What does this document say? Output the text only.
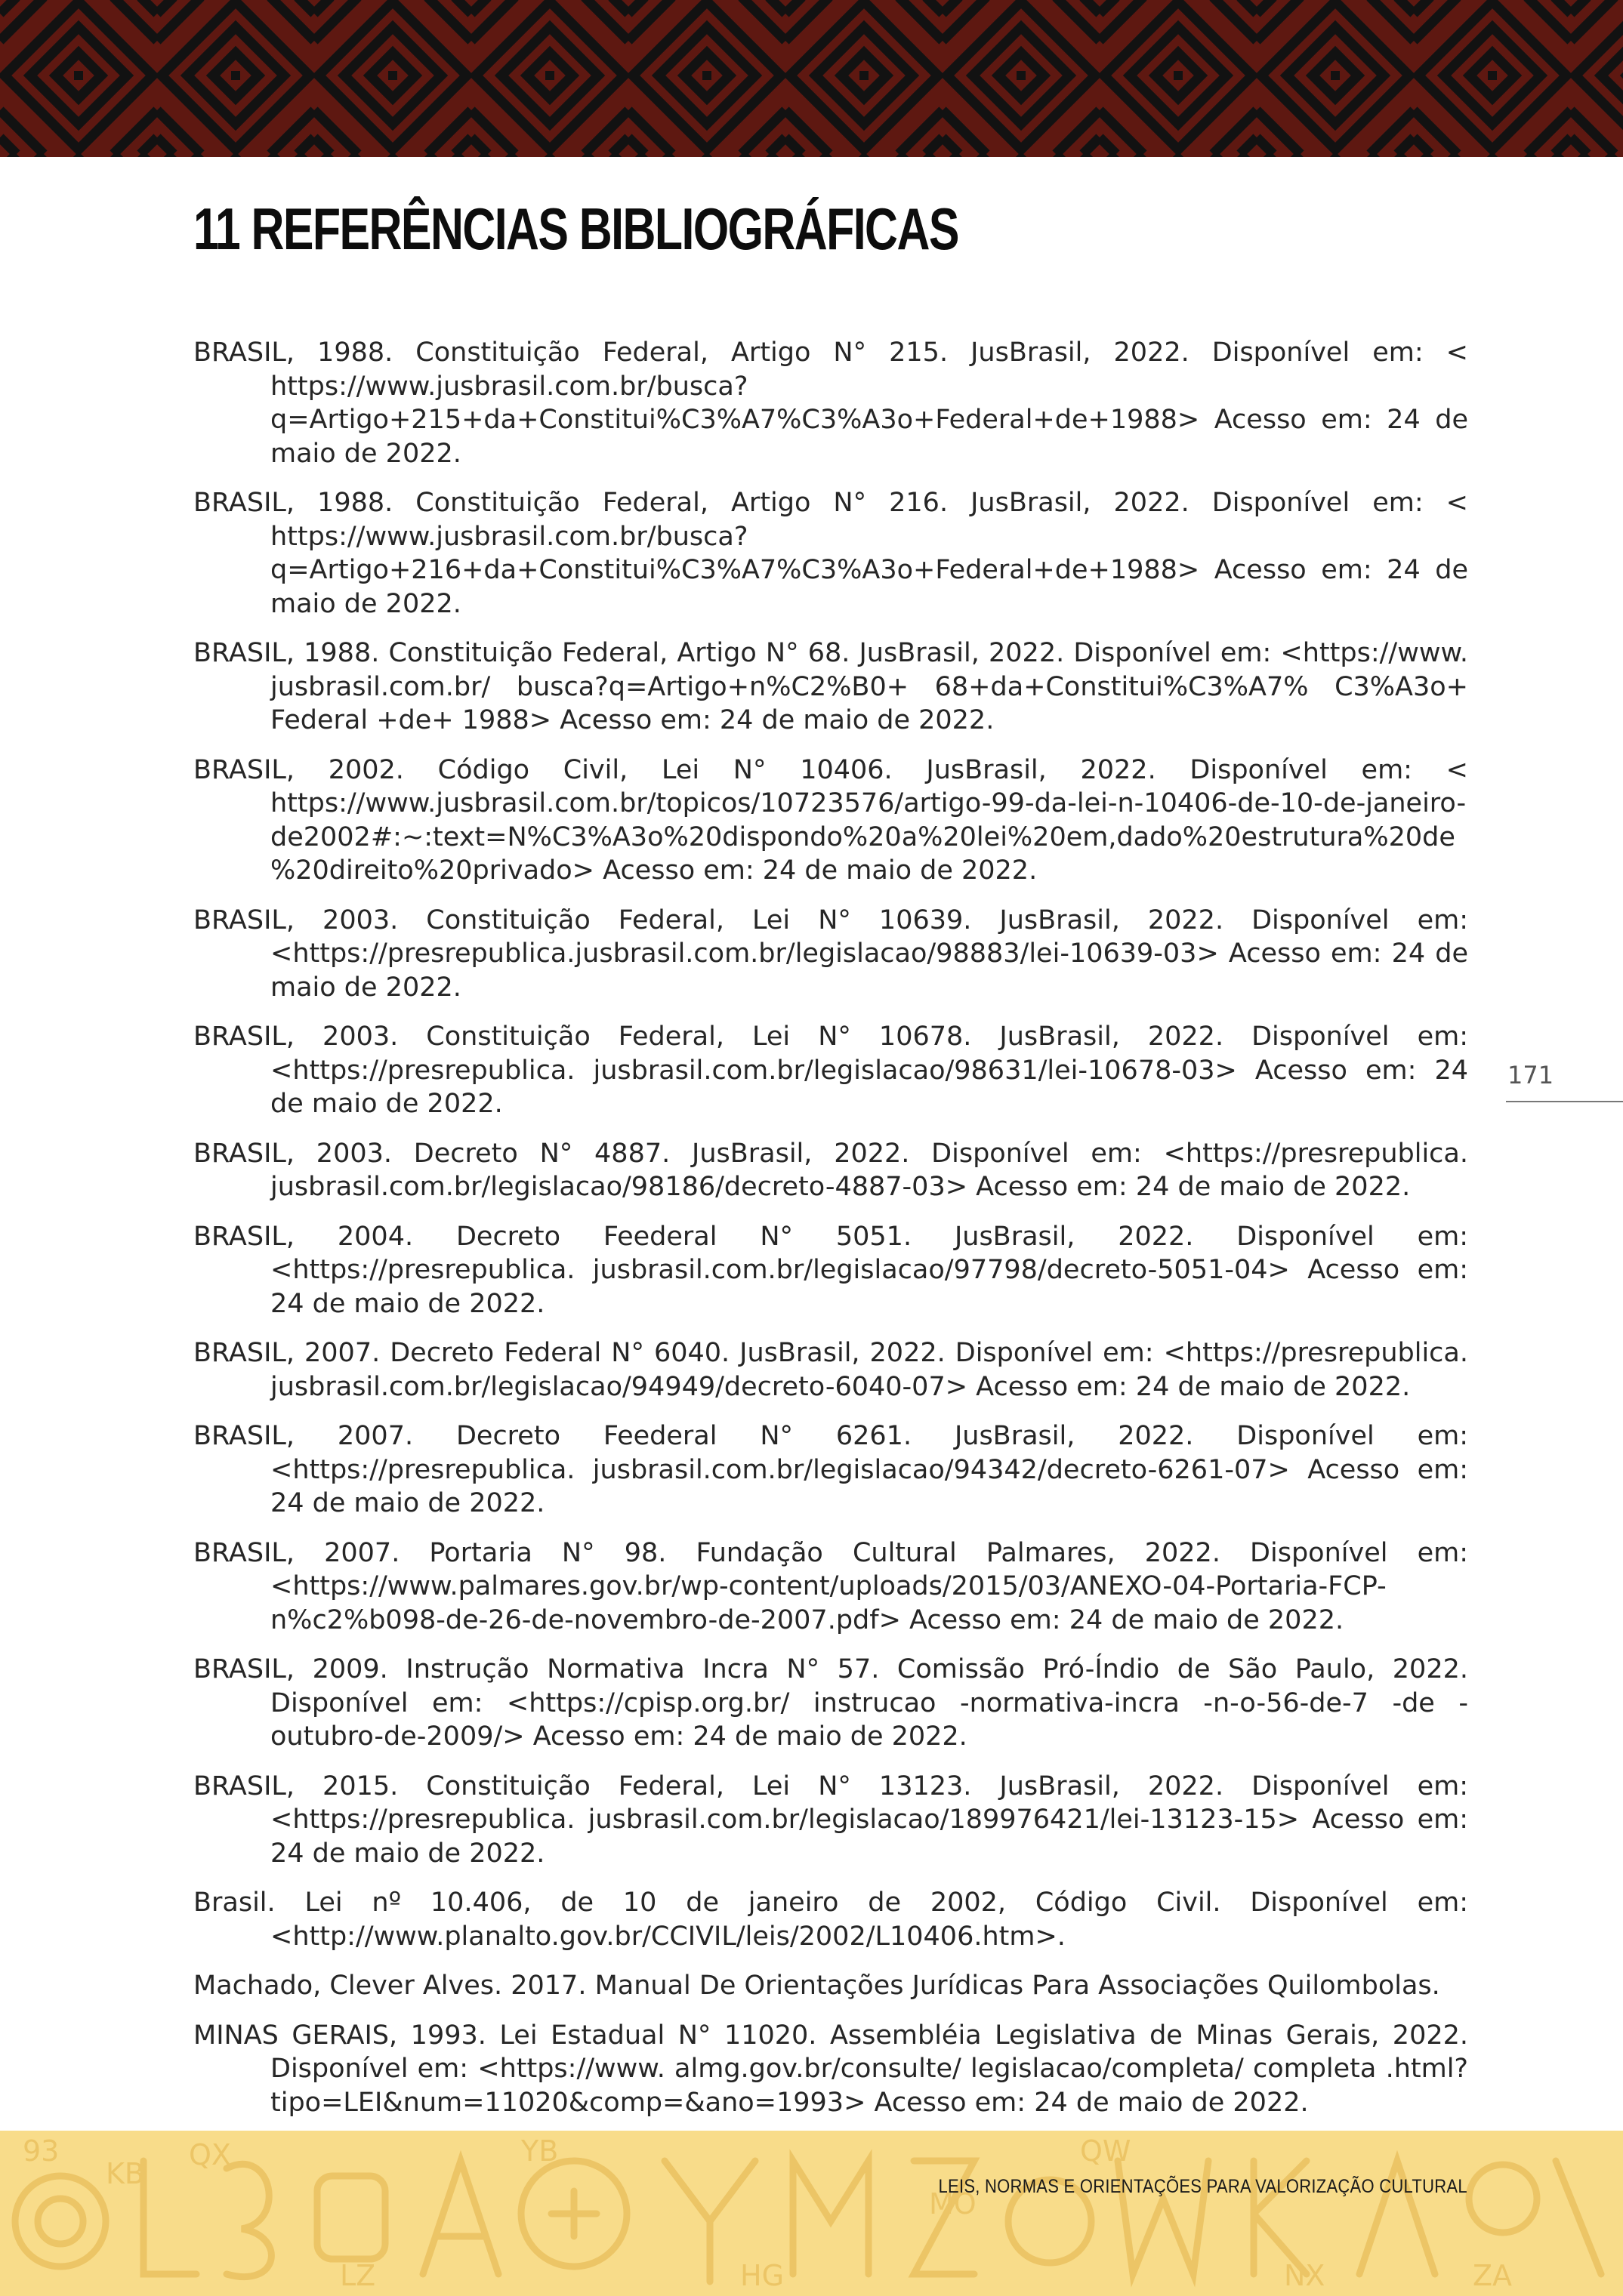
11 REFERÊNCIAS BIBLIOGRÁFICAS

BRASIL, 1988. Constituição Federal, Artigo N° 215. JusBrasil, 2022. Disponível em: < https://www.jusbrasil.com.br/busca?q=Artigo+215+da+Constitui%C3%A7%C3%A3o+Federal+de+1988> Acesso em: 24 de maio de 2022.

BRASIL, 1988. Constituição Federal, Artigo N° 216. JusBrasil, 2022. Disponível em: < https://www.jusbrasil.com.br/busca?q=Artigo+216+da+Constitui%C3%A7%C3%A3o+Federal+de+1988> Acesso em: 24 de maio de 2022.

BRASIL, 1988. Constituição Federal, Artigo N° 68. JusBrasil, 2022. Disponível em: <https://www. jusbrasil.com.br/ busca?q=Artigo+n%C2%B0+ 68+da+Constitui%C3%A7% C3%A3o+ Federal +de+ 1988> Acesso em: 24 de maio de 2022.

BRASIL, 2002. Código Civil, Lei N° 10406. JusBrasil, 2022. Disponível em: < https://www.jusbrasil.com.br/topicos/10723576/artigo-99-da-lei-n-10406-de-10-de-janeiro-de2002#:~:text=N%C3%A3o%20dispondo%20a%20lei%20em,dado%20estrutura%20de%20direito%20privado> Acesso em: 24 de maio de 2022.

BRASIL, 2003. Constituição Federal, Lei N° 10639. JusBrasil, 2022. Disponível em: <https://presrepublica.jusbrasil.com.br/legislacao/98883/lei-10639-03> Acesso em: 24 de maio de 2022.

BRASIL, 2003. Constituição Federal, Lei N° 10678. JusBrasil, 2022. Disponível em: <https://presrepublica. jusbrasil.com.br/legislacao/98631/lei-10678-03> Acesso em: 24 de maio de 2022.

BRASIL, 2003. Decreto N° 4887. JusBrasil, 2022. Disponível em: <https://presrepublica. jusbrasil.com.br/legislacao/98186/decreto-4887-03> Acesso em: 24 de maio de 2022.

BRASIL, 2004. Decreto Feederal N° 5051. JusBrasil, 2022. Disponível em: <https://presrepublica. jusbrasil.com.br/legislacao/97798/decreto-5051-04> Acesso em: 24 de maio de 2022.

BRASIL, 2007. Decreto Federal N° 6040. JusBrasil, 2022. Disponível em: <https://presrepublica. jusbrasil.com.br/legislacao/94949/decreto-6040-07> Acesso em: 24 de maio de 2022.

BRASIL, 2007. Decreto Feederal N° 6261. JusBrasil, 2022. Disponível em: <https://presrepublica. jusbrasil.com.br/legislacao/94342/decreto-6261-07> Acesso em: 24 de maio de 2022.

BRASIL, 2007. Portaria N° 98. Fundação Cultural Palmares, 2022. Disponível em: <https://www.palmares.gov.br/wp-content/uploads/2015/03/ANEXO-04-Portaria-FCP-n%c2%b098-de-26-de-novembro-de-2007.pdf> Acesso em: 24 de maio de 2022.

BRASIL, 2009. Instrução Normativa Incra N° 57. Comissão Pró-Índio de São Paulo, 2022. Disponível em: <https://cpisp.org.br/ instrucao -normativa-incra -n-o-56-de-7 -de -outubro-de-2009/> Acesso em: 24 de maio de 2022.

BRASIL, 2015. Constituição Federal, Lei N° 13123. JusBrasil, 2022. Disponível em: <https://presrepublica. jusbrasil.com.br/legislacao/189976421/lei-13123-15> Acesso em: 24 de maio de 2022.

Brasil. Lei nº 10.406, de 10 de janeiro de 2002, Código Civil. Disponível em: <http://www.planalto.gov.br/CCIVIL/leis/2002/L10406.htm>.

Machado, Clever Alves. 2017. Manual De Orientações Jurídicas Para Associações Quilombolas.

MINAS GERAIS, 1993. Lei Estadual N° 11020. Assembléia Legislativa de Minas Gerais, 2022. Disponível em: <https://www. almg.gov.br/consulte/ legislacao/completa/ completa .html?tipo=LEI&num=11020&comp=&ano=1993> Acesso em: 24 de maio de 2022.

171
93
KB
QX
LZ
YB
HG
MO
QW
NX	ZA
LEIS, NORMAS E ORIENTAÇÕES PARA VALORIZAÇÃO CULTURAL
